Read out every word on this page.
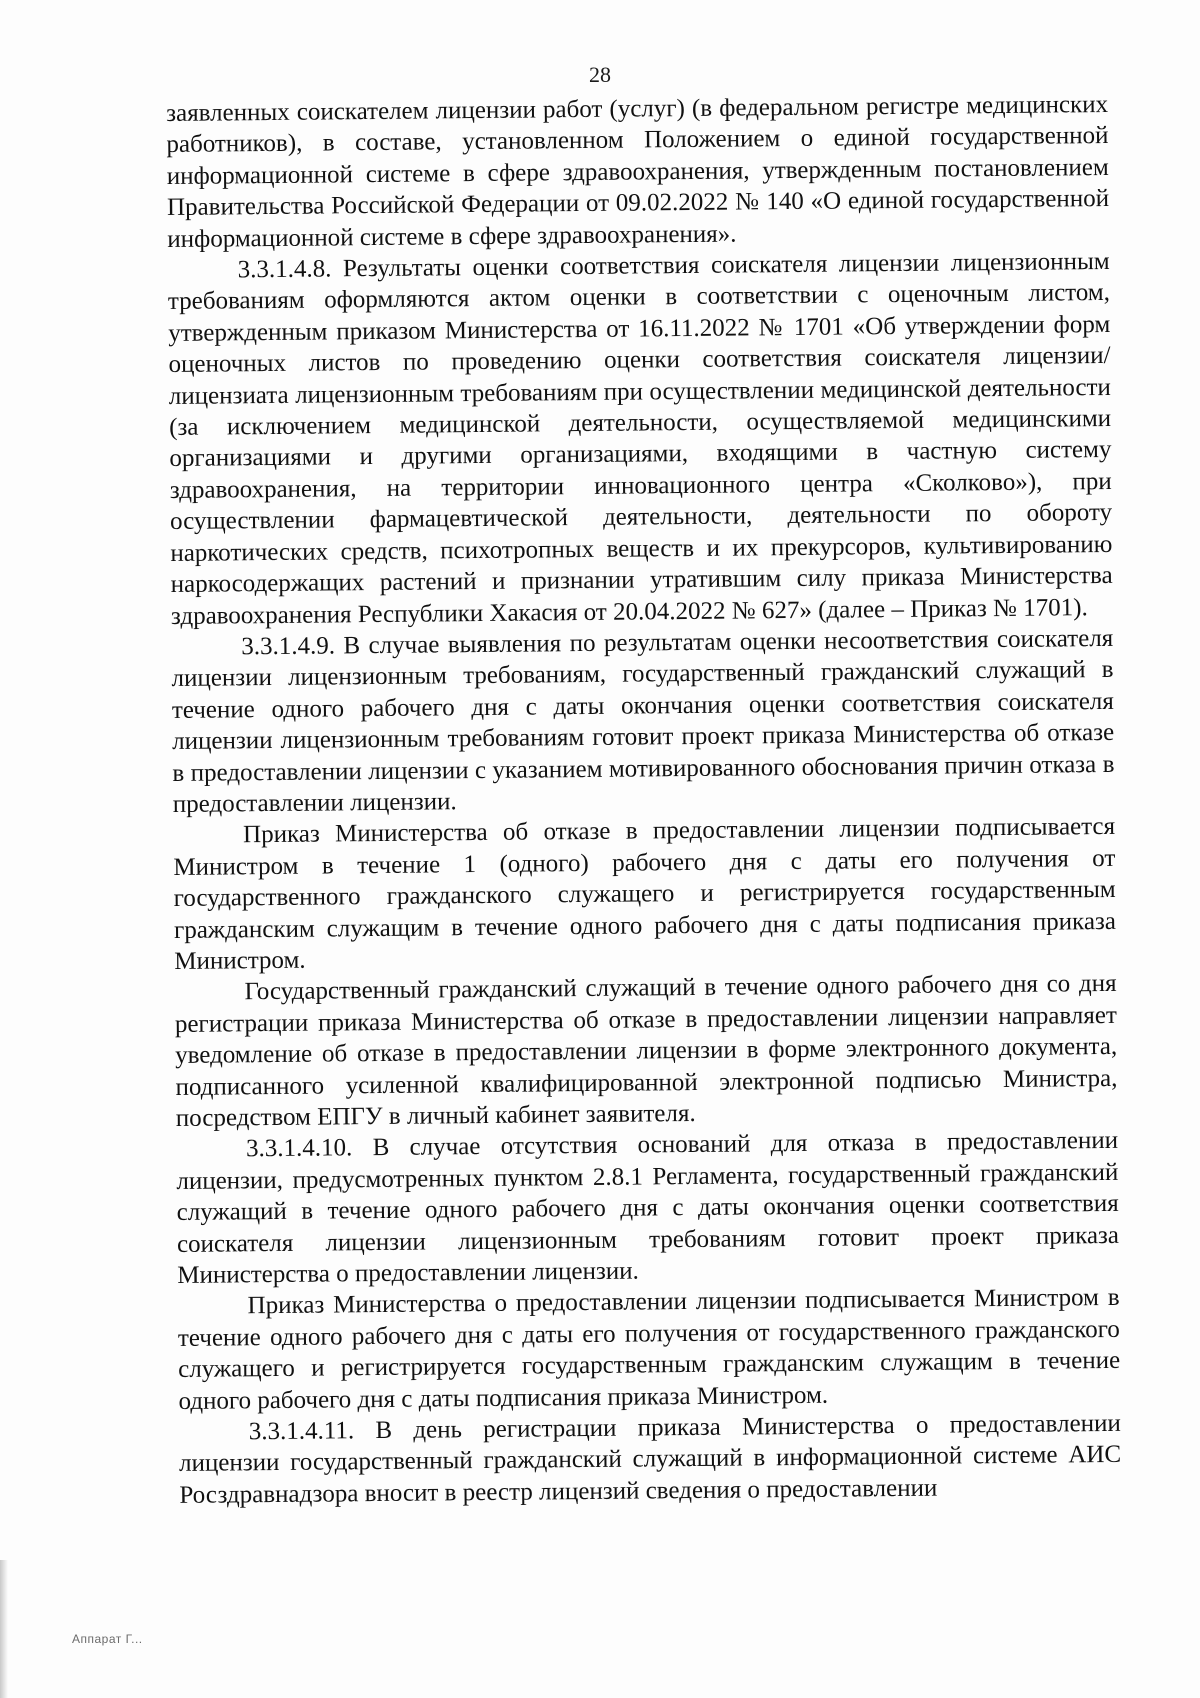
28

заявленных соискателем лицензии работ (услуг) (в федеральном регистре медицинских работников), в составе, установленном Положением о единой государственной информационной системе в сфере здравоохранения, утвержденным постановлением Правительства Российской Федерации от 09.02.2022 № 140 «О единой государственной информационной системе в сфере здравоохранения».

3.3.1.4.8. Результаты оценки соответствия соискателя лицензии лицензионным требованиям оформляются актом оценки в соответствии с оценочным листом, утвержденным приказом Министерства от 16.11.2022 № 1701 «Об утверждении форм оценочных листов по проведению оценки соответствия соискателя лицензии/лицензиата лицензионным требованиям при осуществлении медицинской деятельности (за исключением медицинской деятельности, осуществляемой медицинскими организациями и другими организациями, входящими в частную систему здравоохранения, на территории инновационного центра «Сколково»), при осуществлении фармацевтической деятельности, деятельности по обороту наркотических средств, психотропных веществ и их прекурсоров, культивированию наркосодержащих растений и признании утратившим силу приказа Министерства здравоохранения Республики Хакасия от 20.04.2022 № 627» (далее – Приказ № 1701).

3.3.1.4.9. В случае выявления по результатам оценки несоответствия соискателя лицензии лицензионным требованиям, государственный гражданский служащий в течение одного рабочего дня с даты окончания оценки соответствия соискателя лицензии лицензионным требованиям готовит проект приказа Министерства об отказе в предоставлении лицензии с указанием мотивированного обоснования причин отказа в предоставлении лицензии.

Приказ Министерства об отказе в предоставлении лицензии подписывается Министром в течение 1 (одного) рабочего дня с даты его получения от государственного гражданского служащего и регистрируется государственным гражданским служащим в течение одного рабочего дня с даты подписания приказа Министром.

Государственный гражданский служащий в течение одного рабочего дня со дня регистрации приказа Министерства об отказе в предоставлении лицензии направляет уведомление об отказе в предоставлении лицензии в форме электронного документа, подписанного усиленной квалифицированной электронной подписью Министра, посредством ЕПГУ в личный кабинет заявителя.

3.3.1.4.10. В случае отсутствия оснований для отказа в предоставлении лицензии, предусмотренных пунктом 2.8.1 Регламента, государственный гражданский служащий в течение одного рабочего дня с даты окончания оценки соответствия соискателя лицензии лицензионным требованиям готовит проект приказа Министерства о предоставлении лицензии.

Приказ Министерства о предоставлении лицензии подписывается Министром в течение одного рабочего дня с даты его получения от государственного гражданского служащего и регистрируется государственным гражданским служащим в течение одного рабочего дня с даты подписания приказа Министром.

3.3.1.4.11. В день регистрации приказа Министерства о предоставлении лицензии государственный гражданский служащий в информационной системе АИС Росздравнадзора вносит в реестр лицензий сведения о предоставлении

Аппарат Г...
